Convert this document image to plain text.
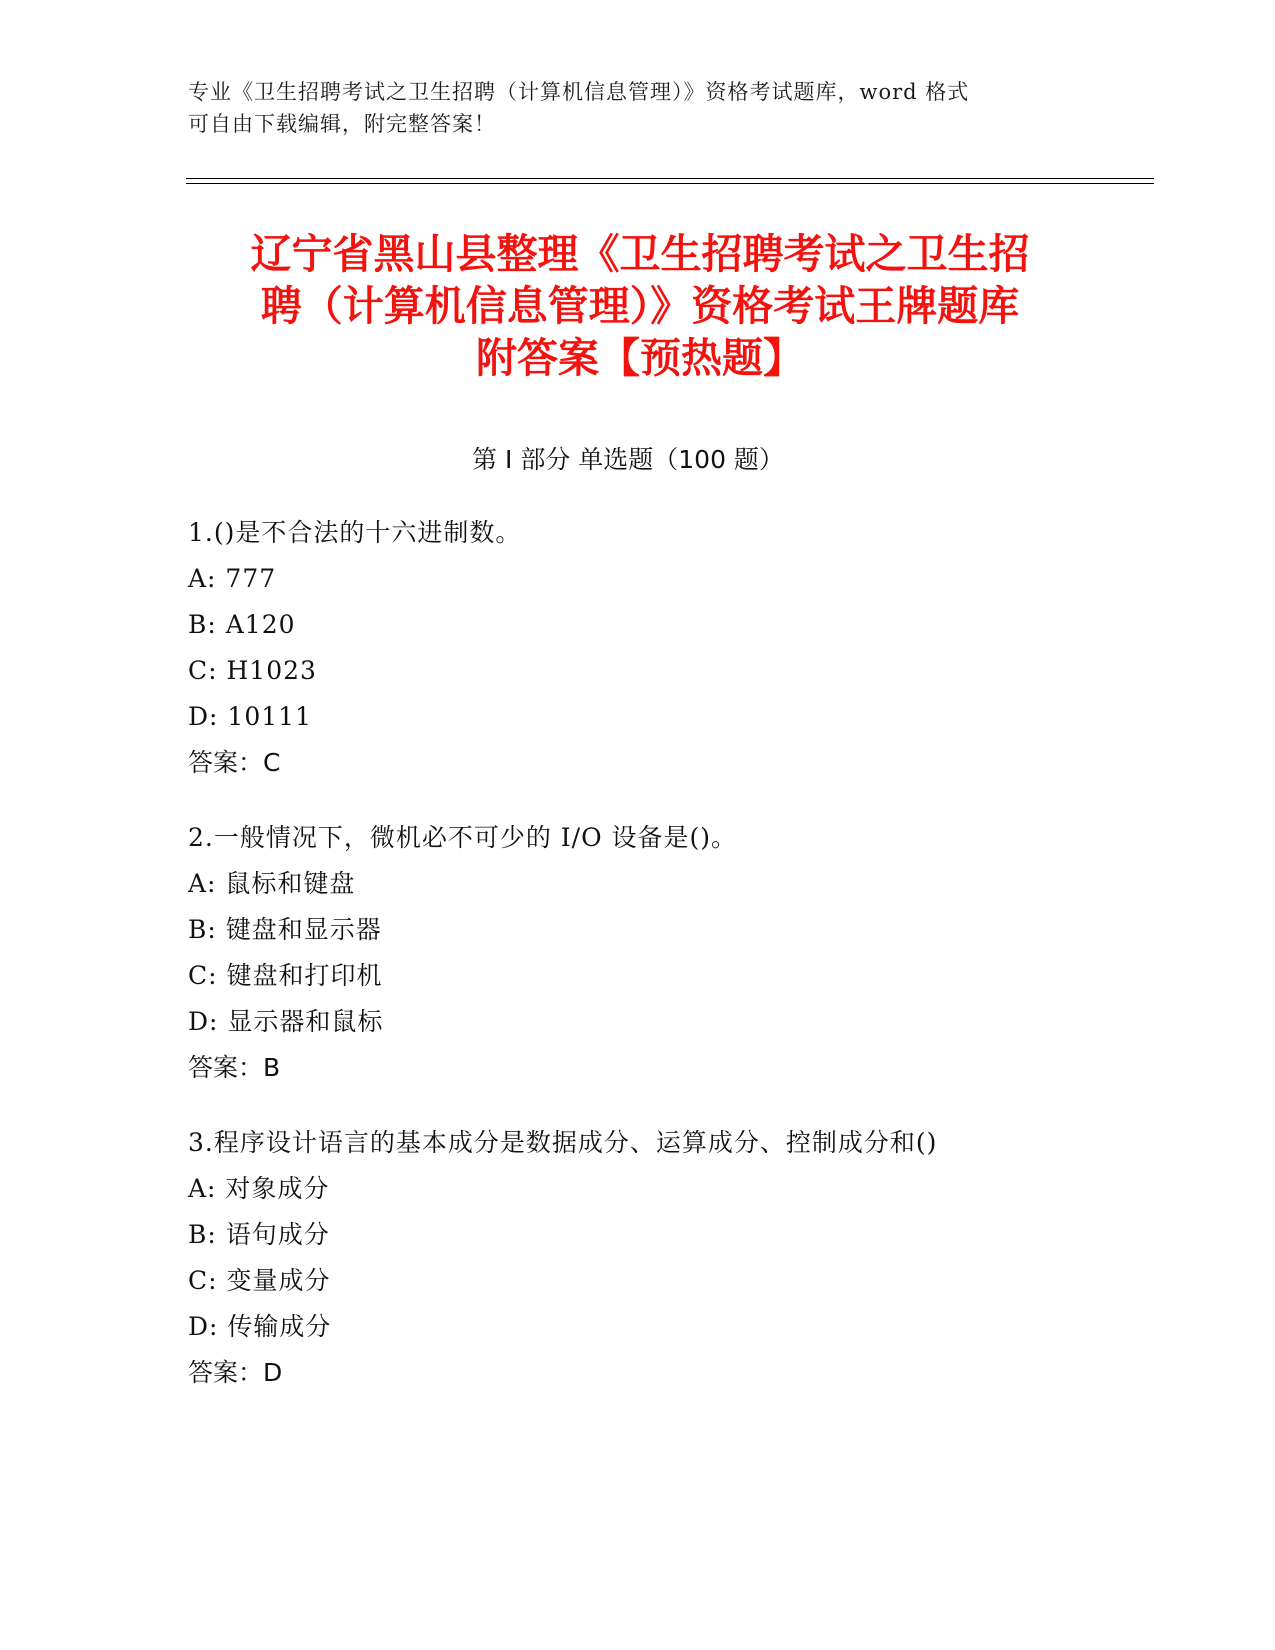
专业《卫生招聘考试之卫生招聘（计算机信息管理）》资格考试题库，word 格式
可自由下载编辑，附完整答案！
辽宁省黑山县整理《卫生招聘考试之卫生招
聘（计算机信息管理）》资格考试王牌题库
附答案【预热题】
第 I 部分 单选题（100 题）
1.()是不合法的十六进制数。
A: 777
B: A120
C: H1023
D: 10111
答案：C
2.一般情况下，微机必不可少的 I/O 设备是()。
A: 鼠标和键盘
B: 键盘和显示器
C: 键盘和打印机
D: 显示器和鼠标
答案：B
3.程序设计语言的基本成分是数据成分、运算成分、控制成分和()
A: 对象成分
B: 语句成分
C: 变量成分
D: 传输成分
答案：D
